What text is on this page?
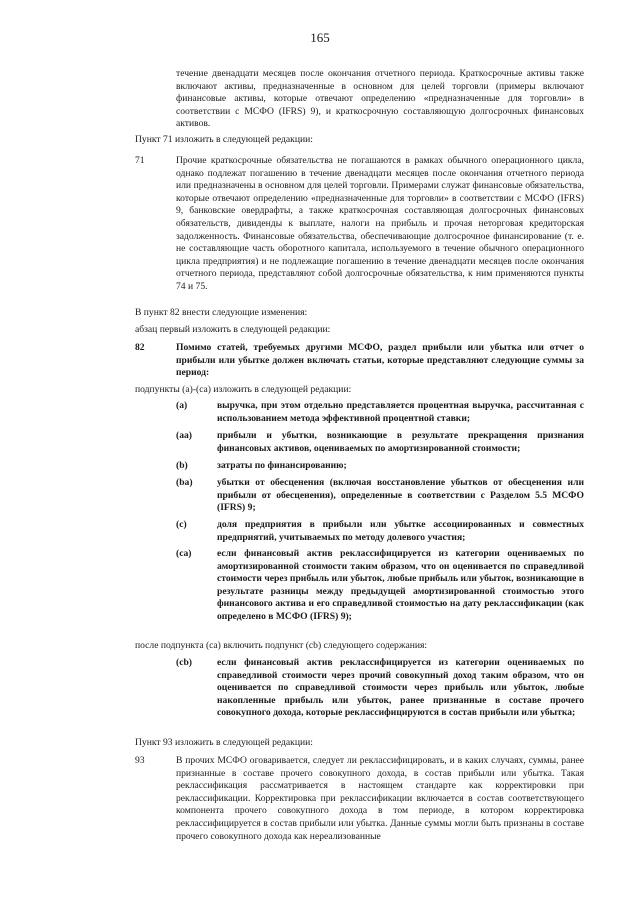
165
течение двенадцати месяцев после окончания отчетного периода. Краткосрочные активы также включают активы, предназначенные в основном для целей торговли (примеры включают финансовые активы, которые отвечают определению «предназначенные для торговли» в соответствии с МСФО (IFRS) 9), и краткосрочную составляющую долгосрочных финансовых активов.
Пункт 71 изложить в следующей редакции:
71	Прочие краткосрочные обязательства не погашаются в рамках обычного операционного цикла, однако подлежат погашению в течение двенадцати месяцев после окончания отчетного периода или предназначены в основном для целей торговли. Примерами служат финансовые обязательства, которые отвечают определению «предназначенные для торговли» в соответствии с МСФО (IFRS) 9, банковские овердрафты, а также краткосрочная составляющая долгосрочных финансовых обязательств, дивиденды к выплате, налоги на прибыль и прочая неторговая кредиторская задолженность. Финансовые обязательства, обеспечивающие долгосрочное финансирование (т. е. не составляющие часть оборотного капитала, используемого в течение обычного операционного цикла предприятия) и не подлежащие погашению в течение двенадцати месяцев после окончания отчетного периода, представляют собой долгосрочные обязательства, к ним применяются пункты 74 и 75.
В пункт 82 внести следующие изменения:
абзац первый изложить в следующей редакции:
82	Помимо статей, требуемых другими МСФО, раздел прибыли или убытка или отчет о прибыли или убытке должен включать статьи, которые представляют следующие суммы за период:
подпункты (a)-(ca) изложить в следующей редакции:
(a)	выручка, при этом отдельно представляется процентная выручка, рассчитанная с использованием метода эффективной процентной ставки;
(aa)	прибыли и убытки, возникающие в результате прекращения признания финансовых активов, оцениваемых по амортизированной стоимости;
(b)	затраты по финансированию;
(ba)	убытки от обесценения (включая восстановление убытков от обесценения или прибыли от обесценения), определенные в соответствии с Разделом 5.5 МСФО (IFRS) 9;
(c)	доля предприятия в прибыли или убытке ассоциированных и совместных предприятий, учитываемых по методу долевого участия;
(ca)	если финансовый актив реклассифицируется из категории оцениваемых по амортизированной стоимости таким образом, что он оценивается по справедливой стоимости через прибыль или убыток, любые прибыль или убыток, возникающие в результате разницы между предыдущей амортизированной стоимостью этого финансового актива и его справедливой стоимостью на дату реклассификации (как определено в МСФО (IFRS) 9);
после подпункта (ca) включить подпункт (cb) следующего содержания:
(cb)	если финансовый актив реклассифицируется из категории оцениваемых по справедливой стоимости через прочий совокупный доход таким образом, что он оценивается по справедливой стоимости через прибыль или убыток, любые накопленные прибыль или убыток, ранее признанные в составе прочего совокупного дохода, которые реклассифицируются в состав прибыли или убытка;
Пункт 93 изложить в следующей редакции:
93	В прочих МСФО оговаривается, следует ли реклассифицировать, и в каких случаях, суммы, ранее признанные в составе прочего совокупного дохода, в состав прибыли или убытка. Такая реклассификация рассматривается в настоящем стандарте как корректировки при реклассификации. Корректировка при реклассификации включается в состав соответствующего компонента прочего совокупного дохода в том периоде, в котором корректировка реклассифицируется в состав прибыли или убытка. Данные суммы могли быть признаны в составе прочего совокупного дохода как нереализованные
